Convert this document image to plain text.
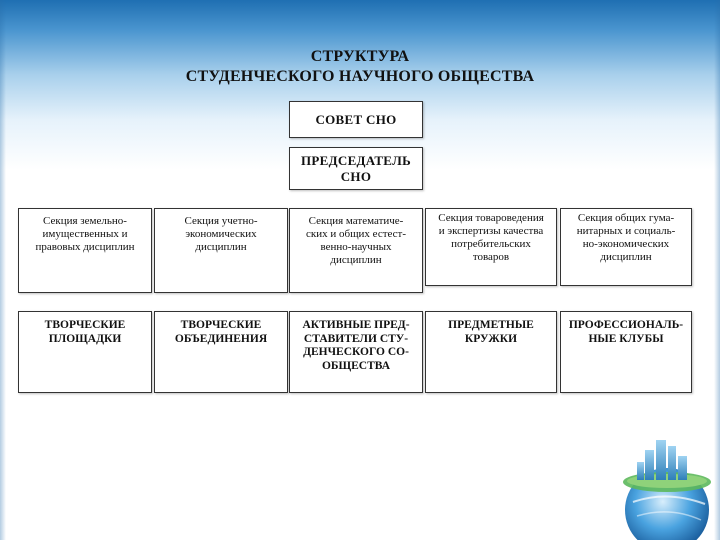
СТРУКТУРА
СТУДЕНЧЕСКОГО НАУЧНОГО ОБЩЕСТВА
СОВЕТ СНО
ПРЕДСЕДАТЕЛЬ
СНО
Секция земельно-
имущественных и
правовых дисциплин
Секция учетно-
экономических
дисциплин
Секция математиче-
ских и общих естест-
венно-научных
дисциплин
Секция товароведения
и экспертизы качества
потребительских
товаров
Секция общих гума-
нитарных и социаль-
но-экономических
дисциплин
ТВОРЧЕСКИЕ
ПЛОЩАДКИ
ТВОРЧЕСКИЕ
ОБЪЕДИНЕНИЯ
АКТИВНЫЕ ПРЕД-
СТАВИТЕЛИ СТУ-
ДЕНЧЕСКОГО СО-
ОБЩЕСТВА
ПРЕДМЕТНЫЕ
КРУЖКИ
ПРОФЕССИОНАЛЬ-
НЫЕ КЛУБЫ
